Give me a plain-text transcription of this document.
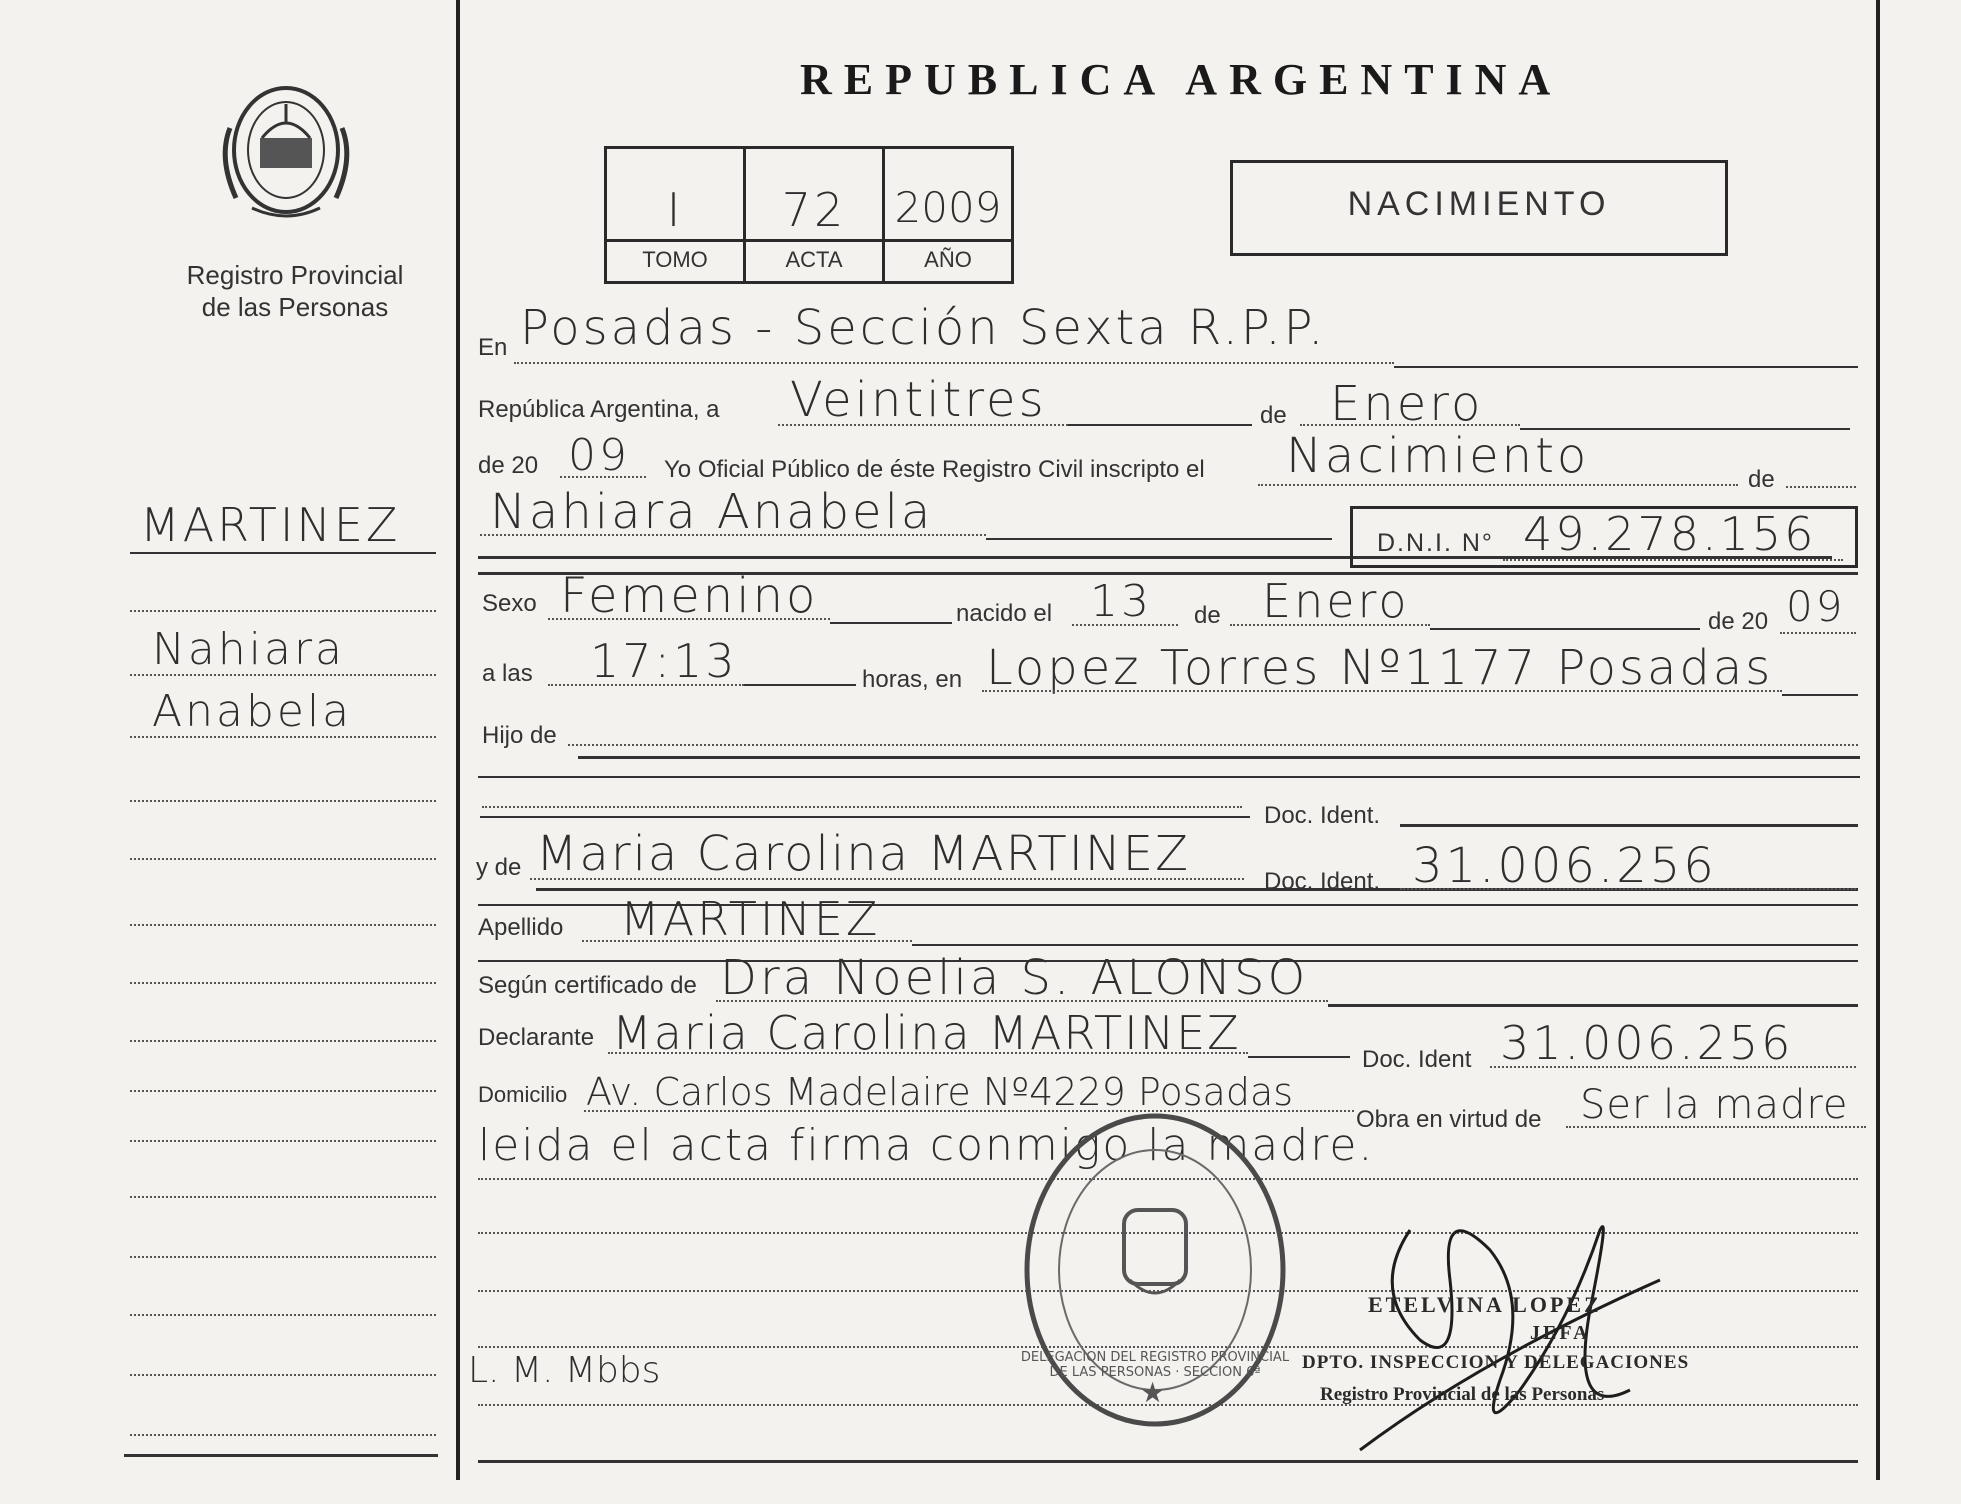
Registro Provincial
de las Personas
MARTINEZ
Nahiara
Anabela
L. M. Mbbs
REPUBLICA ARGENTINA
I	72	2009
TOMO	ACTA	AÑO
NACIMIENTO
En Posadas - Sección Sexta R.P.P.
República Argentina, a Veintitres	de Enero
de 20 09 Yo Oficial Público de éste Registro Civil inscripto el Nacimiento	de
Nahiara Anabela
D.N.I. N° 49.278.156
Sexo Femenino	nacido el 13 de Enero	de 20 09
a las 17:13	horas, en Lopez Torres Nº1177 Posadas
Hijo de
Doc. Ident.
y de Maria Carolina MARTINEZ	Doc. Ident. 31.006.256
Apellido MARTINEZ
Según certificado de Dra Noelia S. ALONSO
Declarante Maria Carolina MARTINEZ	Doc. Ident 31.006.256
Domicilio Av. Carlos Madelaire Nº4229 Posadas
Obra en virtud de Ser la madre
leida el acta firma conmigo la madre.
★
DELEGACION DEL REGISTRO PROVINCIAL DE LAS PERSONAS · SECCION 6ª
ETELVINA LOPEZ
JEFA
DPTO. INSPECCION Y DELEGACIONES
Registro Provincial de las Personas
